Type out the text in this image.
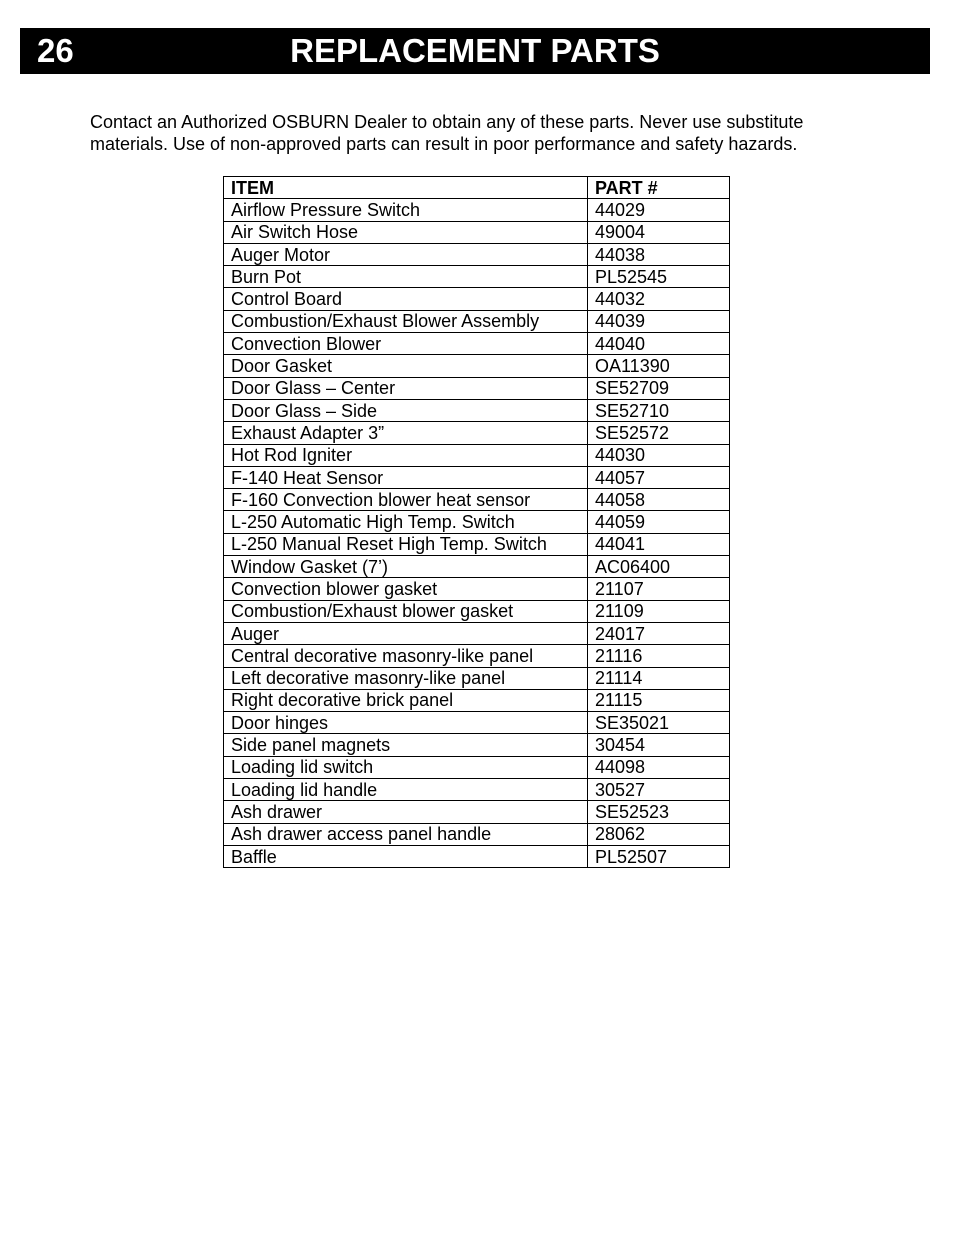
REPLACEMENT PARTS
26

Contact an Authorized OSBURN Dealer to obtain any of these parts. Never use substitute materials. Use of non-approved parts can result in poor performance and safety hazards.

ITEM	PART #
Airflow Pressure Switch	44029
Air Switch Hose	49004
Auger Motor	44038
Burn Pot	PL52545
Control Board	44032
Combustion/Exhaust Blower Assembly	44039
Convection Blower	44040
Door Gasket	OA11390
Door Glass – Center	SE52709
Door Glass – Side	SE52710
Exhaust Adapter 3”	SE52572
Hot Rod Igniter	44030
F-140 Heat Sensor	44057
F-160 Convection blower heat sensor	44058
L-250 Automatic High Temp. Switch	44059
L-250 Manual Reset High Temp. Switch	44041
Window Gasket (7’)	AC06400
Convection blower gasket	21107
Combustion/Exhaust blower gasket	21109
Auger	24017
Central decorative masonry-like panel	21116
Left decorative masonry-like panel	21114
Right decorative brick panel	21115
Door hinges	SE35021
Side panel magnets	30454
Loading lid switch	44098
Loading lid handle	30527
Ash drawer	SE52523
Ash drawer access panel handle	28062
Baffle	PL52507
